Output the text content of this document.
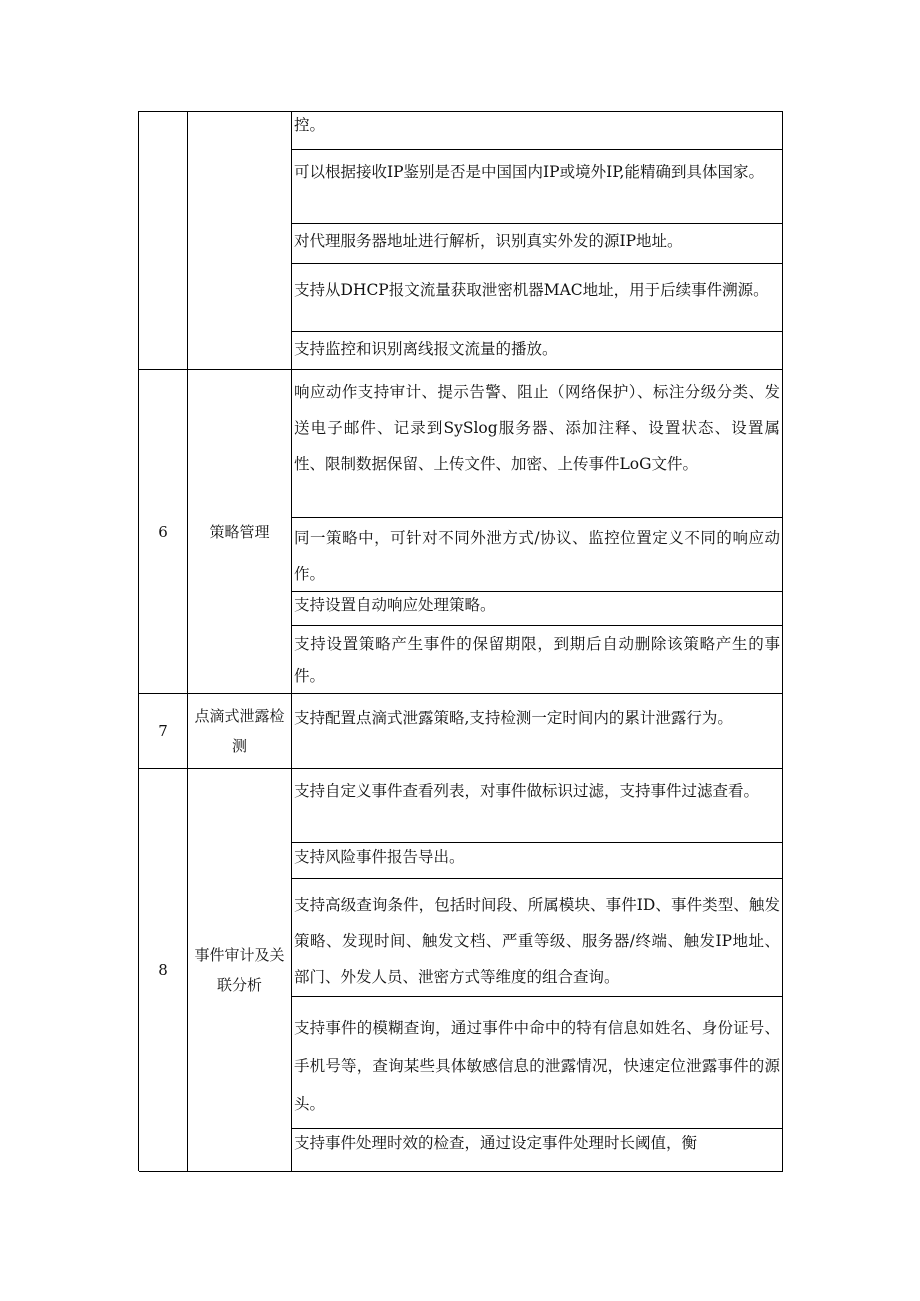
控。
可以根据接收IP鉴别是否是中国国内IP或境外IP,能精确到具体国家。
对代理服务器地址进行解析，识别真实外发的源IP地址。
支持从DHCP报文流量获取泄密机器MAC地址，用于后续事件溯源。
支持监控和识别离线报文流量的播放。
6	策略管理
响应动作支持审计、提示告警、阻止（网络保护）、标注分级分类、发送电子邮件、记录到SySlog服务器、添加注释、设置状态、设置属性、限制数据保留、上传文件、加密、上传事件LoG文件。
同一策略中，可针对不同外泄方式/协议、监控位置定义不同的响应动作。
支持设置自动响应处理策略。
支持设置策略产生事件的保留期限，到期后自动删除该策略产生的事件。
7
点滴式泄露检测
支持配置点滴式泄露策略,支持检测一定时间内的累计泄露行为。
8
事件审计及关联分析
支持自定义事件查看列表，对事件做标识过滤，支持事件过滤查看。
支持风险事件报告导出。
支持高级查询条件，包括时间段、所属模块、事件ID、事件类型、触发策略、发现时间、触发文档、严重等级、服务器/终端、触发IP地址、部门、外发人员、泄密方式等维度的组合查询。
支持事件的模糊查询，通过事件中命中的特有信息如姓名、身份证号、手机号等，查询某些具体敏感信息的泄露情况，快速定位泄露事件的源头。
支持事件处理时效的检查，通过设定事件处理时长阈值，衡
